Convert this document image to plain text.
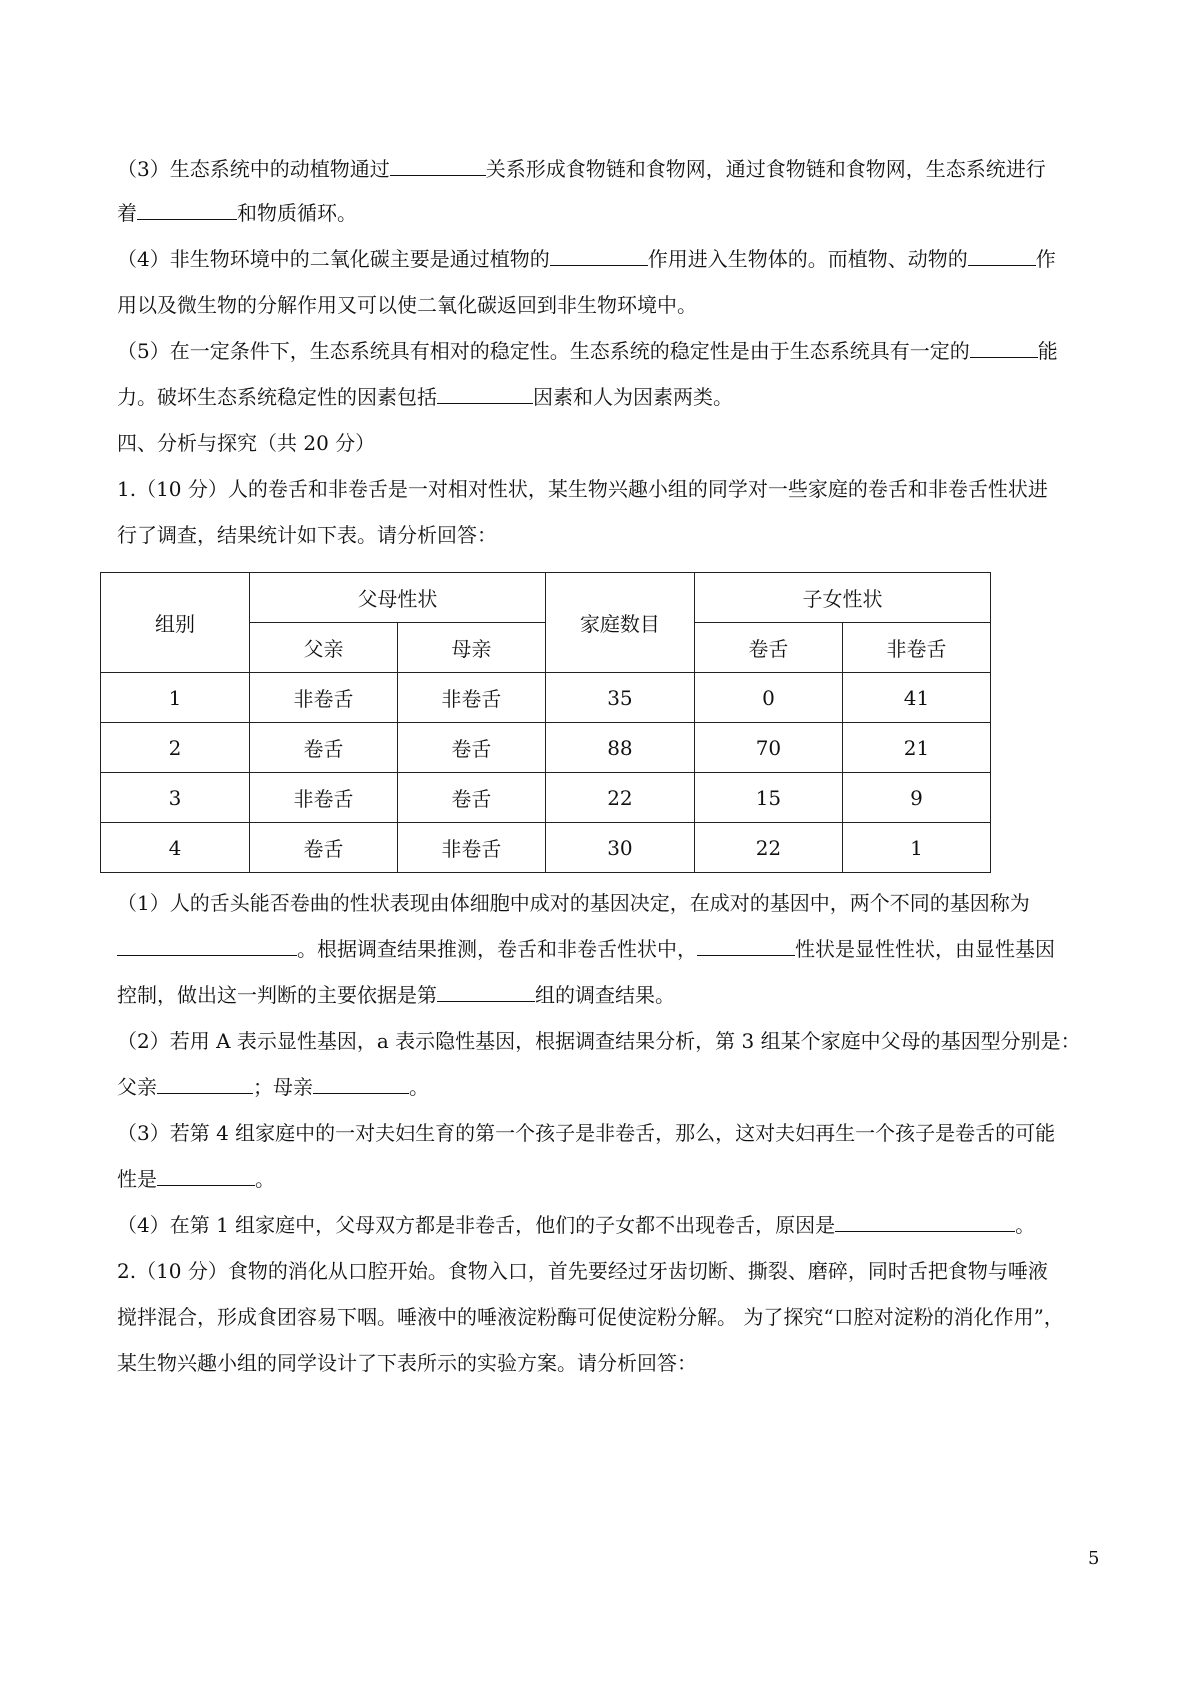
（3）生态系统中的动植物通过	关系形成食物链和食物网，通过食物链和食物网，生态系统进行
着	和物质循环。
（4）非生物环境中的二氧化碳主要是通过植物的	作用进入生物体的。而植物、动物的	作
用以及微生物的分解作用又可以使二氧化碳返回到非生物环境中。
（5）在一定条件下，生态系统具有相对的稳定性。生态系统的稳定性是由于生态系统具有一定的	能
力。破坏生态系统稳定性的因素包括	因素和人为因素两类。
四、分析与探究（共 20 分）
1.（10 分）人的卷舌和非卷舌是一对相对性状，某生物兴趣小组的同学对一些家庭的卷舌和非卷舌性状进
行了调查，结果统计如下表。请分析回答：
组别	父母性状		家庭数目	子女性状	
	父亲	母亲		卷舌	非卷舌
1	非卷舌	非卷舌	35	0	41
2	卷舌	卷舌	88	70	21
3	非卷舌	卷舌	22	15	9
4	卷舌	非卷舌	30	22	1
（1）人的舌头能否卷曲的性状表现由体细胞中成对的基因决定，在成对的基因中，两个不同的基因称为
。根据调查结果推测，卷舌和非卷舌性状中，	性状是显性性状，由显性基因
控制，做出这一判断的主要依据是第	组的调查结果。
（2）若用 A 表示显性基因，a 表示隐性基因，根据调查结果分析，第 3 组某个家庭中父母的基因型分别是：
父亲	；母亲	。
（3）若第 4 组家庭中的一对夫妇生育的第一个孩子是非卷舌，那么，这对夫妇再生一个孩子是卷舌的可能
性是	。
（4）在第 1 组家庭中，父母双方都是非卷舌，他们的子女都不出现卷舌，原因是	。
2.（10 分）食物的消化从口腔开始。食物入口，首先要经过牙齿切断、撕裂、磨碎，同时舌把食物与唾液
搅拌混合，形成食团容易下咽。唾液中的唾液淀粉酶可促使淀粉分解。 为了探究“口腔对淀粉的消化作用”，
某生物兴趣小组的同学设计了下表所示的实验方案。请分析回答：
5
